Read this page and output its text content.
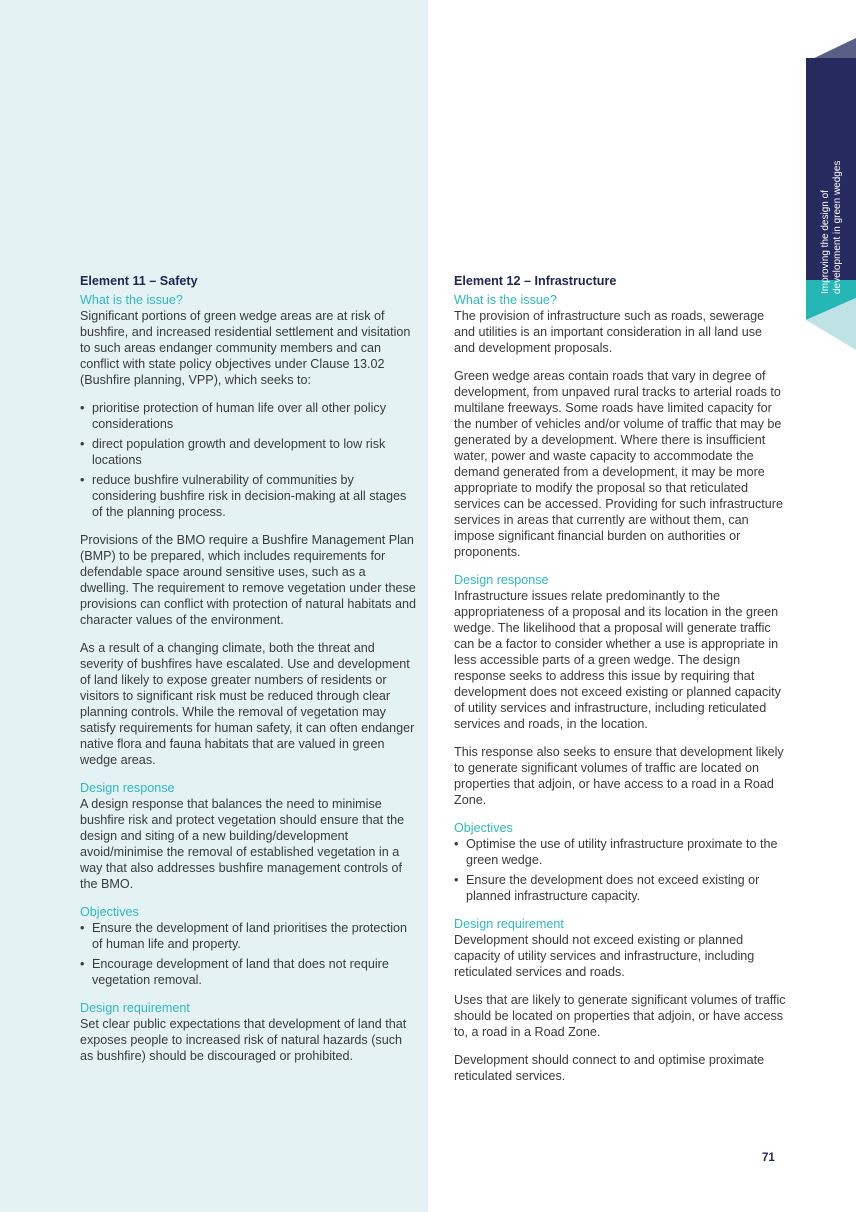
Improving the design of development in green wedges
Element 11 – Safety
What is the issue?

Significant portions of green wedge areas are at risk of bushfire, and increased residential settlement and visitation to such areas endanger community members and can conflict with state policy objectives under Clause 13.02 (Bushfire planning, VPP), which seeks to:

• prioritise protection of human life over all other policy considerations
• direct population growth and development to low risk locations
• reduce bushfire vulnerability of communities by considering bushfire risk in decision-making at all stages of the planning process.

Provisions of the BMO require a Bushfire Management Plan (BMP) to be prepared, which includes requirements for defendable space around sensitive uses, such as a dwelling. The requirement to remove vegetation under these provisions can conflict with protection of natural habitats and character values of the environment.

As a result of a changing climate, both the threat and severity of bushfires have escalated. Use and development of land likely to expose greater numbers of residents or visitors to significant risk must be reduced through clear planning controls. While the removal of vegetation may satisfy requirements for human safety, it can often endanger native flora and fauna habitats that are valued in green wedge areas.

Design response

A design response that balances the need to minimise bushfire risk and protect vegetation should ensure that the design and siting of a new building/development avoid/minimise the removal of established vegetation in a way that also addresses bushfire management controls of the BMO.

Objectives
• Ensure the development of land prioritises the protection of human life and property.
• Encourage development of land that does not require vegetation removal.
Design requirement

Set clear public expectations that development of land that exposes people to increased risk of natural hazards (such as bushfire) should be discouraged or prohibited.

Element 12 – Infrastructure
What is the issue?

The provision of infrastructure such as roads, sewerage and utilities is an important consideration in all land use and development proposals.

Green wedge areas contain roads that vary in degree of development, from unpaved rural tracks to arterial roads to multilane freeways. Some roads have limited capacity for the number of vehicles and/or volume of traffic that may be generated by a development. Where there is insufficient water, power and waste capacity to accommodate the demand generated from a development, it may be more appropriate to modify the proposal so that reticulated services can be accessed. Providing for such infrastructure services in areas that currently are without them, can impose significant financial burden on authorities or proponents.

Design response

Infrastructure issues relate predominantly to the appropriateness of a proposal and its location in the green wedge. The likelihood that a proposal will generate traffic can be a factor to consider whether a use is appropriate in less accessible parts of a green wedge. The design response seeks to address this issue by requiring that development does not exceed existing or planned capacity of utility services and infrastructure, including reticulated services and roads, in the location.

This response also seeks to ensure that development likely to generate significant volumes of traffic are located on properties that adjoin, or have access to a road in a Road Zone.

Objectives
• Optimise the use of utility infrastructure proximate to the green wedge.
• Ensure the development does not exceed existing or planned infrastructure capacity.
Design requirement

Development should not exceed existing or planned capacity of utility services and infrastructure, including reticulated services and roads.

Uses that are likely to generate significant volumes of traffic should be located on properties that adjoin, or have access to, a road in a Road Zone.

Development should connect to and optimise proximate reticulated services.

71
